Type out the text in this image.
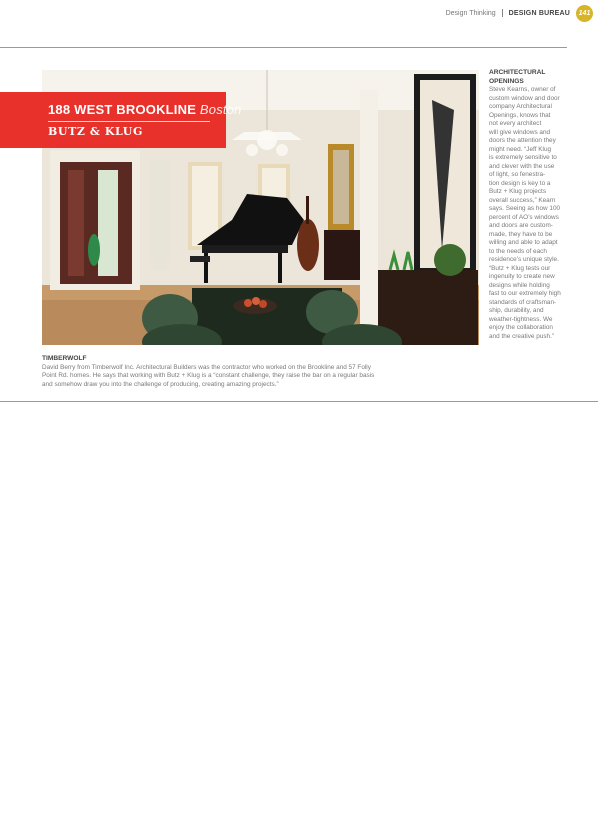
Design Thinking DESIGN BUREAU	141
188 WEST BROOKLINE Boston
BUTZ & KLUG
ARCHITECTURAL OPENINGS

Steve Kearns, owner of

custom window and door

company Architectural

Openings, knows that

not every architect

will give windows and

doors the attention they

might need. “Jeff Klug

is extremely sensitive to

and clever with the use

of light, so fenestra-

tion design is key to a

Butz + Klug projects

overall success,” Kearn

says. Seeing as how 100

percent of AO’s windows

and doors are custom-

made, they have to be

willing and able to adapt

to the needs of each

residence’s unique style.

“Butz + Klug tests our

ingenuity to create new

designs while holding

fast to our extremely high

standards of craftsman-

ship, durability, and

weather-tightness. We

enjoy the collaboration

and the creative push.”

TIMBERWOLF

David Berry from Timberwolf Inc. Architectural Builders was the contractor who worked on the Brookline and 57 Folly

Point Rd. homes. He says that working with Butz + Klug is a “constant challenge, they raise the bar on a regular basis

and somehow draw you into the challenge of producing, creating amazing projects.”
